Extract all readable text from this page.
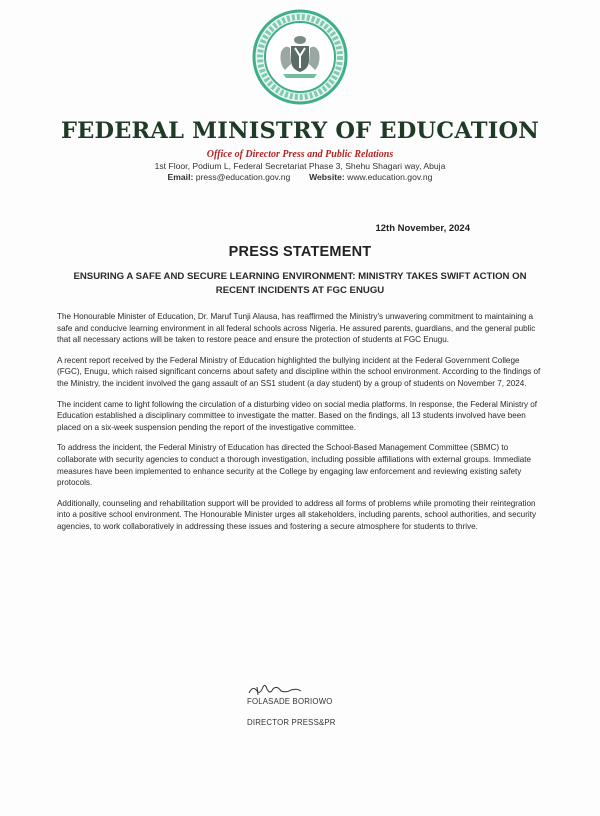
FEDERAL MINISTRY OF EDUCATION
Office of Director Press and Public Relations
1st Floor, Podium L, Federal Secretariat Phase 3, Shehu Shagari way, Abuja
Email: press@education.gov.ng Website: www.education.gov.ng
12th November, 2024
PRESS STATEMENT
ENSURING A SAFE AND SECURE LEARNING ENVIRONMENT: MINISTRY TAKES SWIFT ACTION ON RECENT INCIDENTS AT FGC ENUGU

The Honourable Minister of Education, Dr. Maruf Tunji Alausa, has reaffirmed the Ministry's unwavering commitment to maintaining a safe and conducive learning environment in all federal schools across Nigeria. He assured parents, guardians, and the general public that all necessary actions will be taken to restore peace and ensure the protection of students at FGC Enugu.

A recent report received by the Federal Ministry of Education highlighted the bullying incident at the Federal Government College (FGC), Enugu, which raised significant concerns about safety and discipline within the school environment. According to the findings of the Ministry, the incident involved the gang assault of an SS1 student (a day student) by a group of students on November 7, 2024.

The incident came to light following the circulation of a disturbing video on social media platforms. In response, the Federal Ministry of Education established a disciplinary committee to investigate the matter. Based on the findings, all 13 students involved have been placed on a six-week suspension pending the report of the investigative committee.

To address the incident, the Federal Ministry of Education has directed the School-Based Management Committee (SBMC) to collaborate with security agencies to conduct a thorough investigation, including possible affiliations with external groups. Immediate measures have been implemented to enhance security at the College by engaging law enforcement and reviewing existing safety protocols.

Additionally, counseling and rehabilitation support will be provided to address all forms of problems while promoting their reintegration into a positive school environment. The Honourable Minister urges all stakeholders, including parents, school authorities, and security agencies, to work collaboratively in addressing these issues and fostering a secure atmosphere for students to thrive.

FOLASADE BORIOWO
DIRECTOR PRESS&PR
